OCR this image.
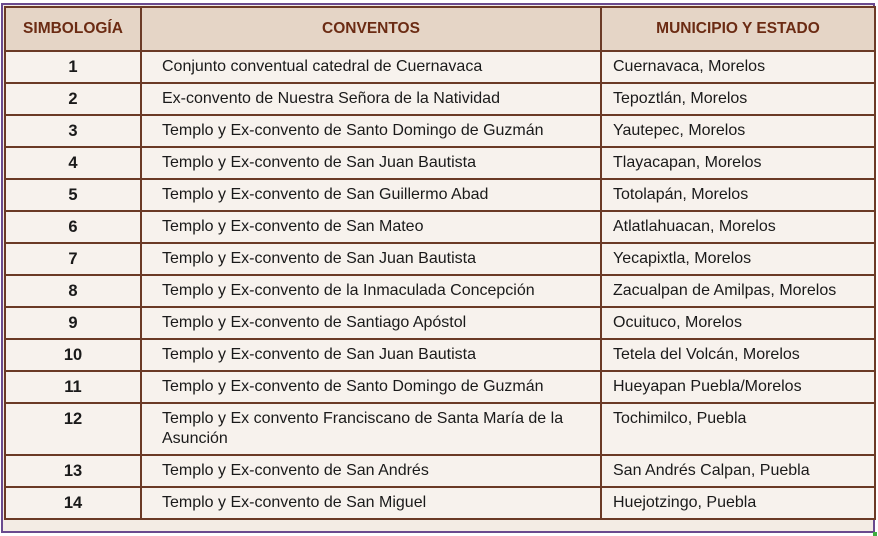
SIMBOLOGÍA	CONVENTOS	MUNICIPIO Y ESTADO
1	Conjunto conventual catedral de Cuernavaca	Cuernavaca, Morelos
2	Ex-convento de Nuestra Señora de la Natividad	Tepoztlán, Morelos
3	Templo y Ex-convento de Santo Domingo de Guzmán	Yautepec, Morelos
4	Templo y Ex-convento de San Juan Bautista	Tlayacapan, Morelos
5	Templo y Ex-convento de San Guillermo Abad	Totolapán, Morelos
6	Templo y Ex-convento de San Mateo	Atlatlahuacan, Morelos
7	Templo y Ex-convento de San Juan Bautista	Yecapixtla, Morelos
8	Templo y Ex-convento de la Inmaculada Concepción	Zacualpan de Amilpas, Morelos
9	Templo y Ex-convento de Santiago Apóstol	Ocuituco, Morelos
10	Templo y Ex-convento de San Juan Bautista	Tetela del Volcán, Morelos
11	Templo y Ex-convento de Santo Domingo de Guzmán	Hueyapan Puebla/Morelos
12	Templo y Ex convento Franciscano de Santa María de la Asunción	Tochimilco, Puebla
13	Templo y Ex-convento de San Andrés	San Andrés Calpan, Puebla
14	Templo y Ex-convento de San Miguel	Huejotzingo, Puebla
